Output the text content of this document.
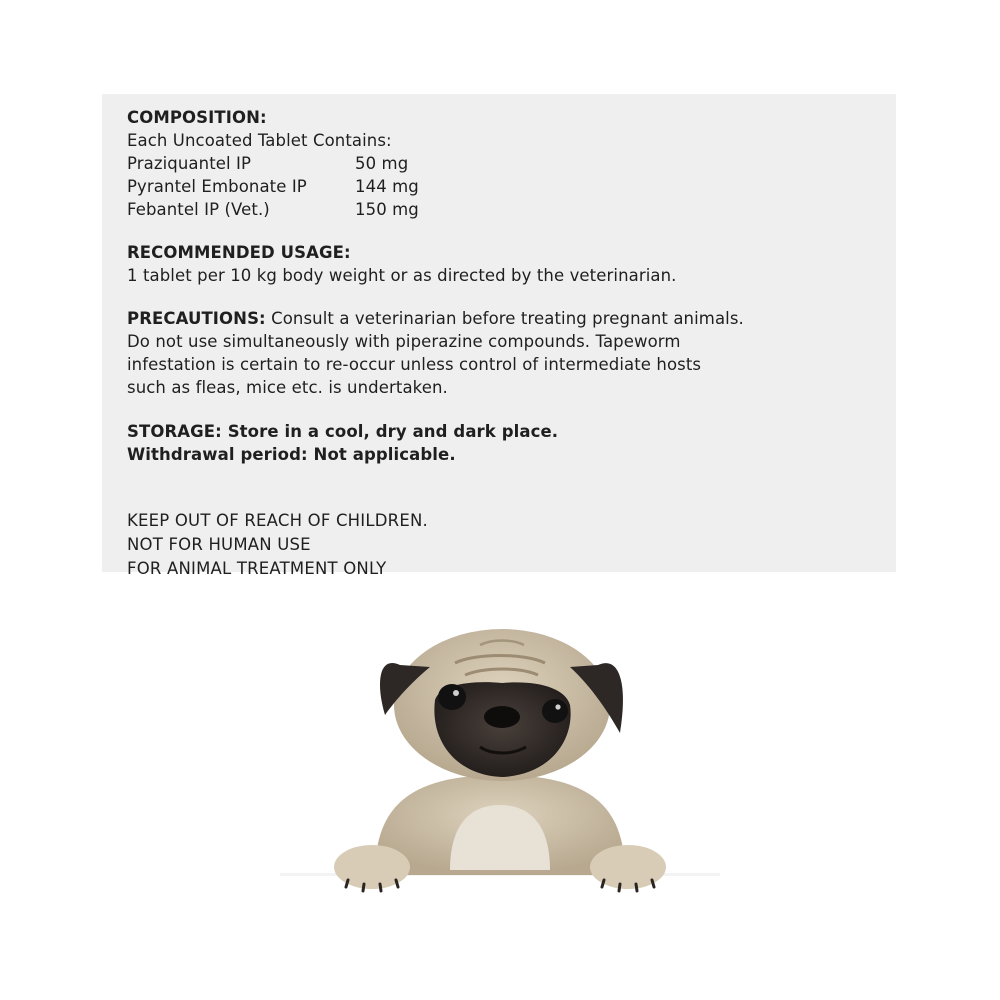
COMPOSITION:
Each Uncoated Tablet Contains:
Praziquantel IP	50 mg
Pyrantel Embonate IP	144 mg
Febantel IP (Vet.)	150 mg
RECOMMENDED USAGE:
1 tablet per 10 kg body weight or as directed by the veterinarian.
PRECAUTIONS: Consult a veterinarian before treating pregnant animals.
Do not use simultaneously with piperazine compounds. Tapeworm
infestation is certain to re-occur unless control of intermediate hosts
such as fleas, mice etc. is undertaken.
STORAGE: Store in a cool, dry and dark place.
Withdrawal period: Not applicable.
KEEP OUT OF REACH OF CHILDREN.
NOT FOR HUMAN USE
FOR ANIMAL TREATMENT ONLY
